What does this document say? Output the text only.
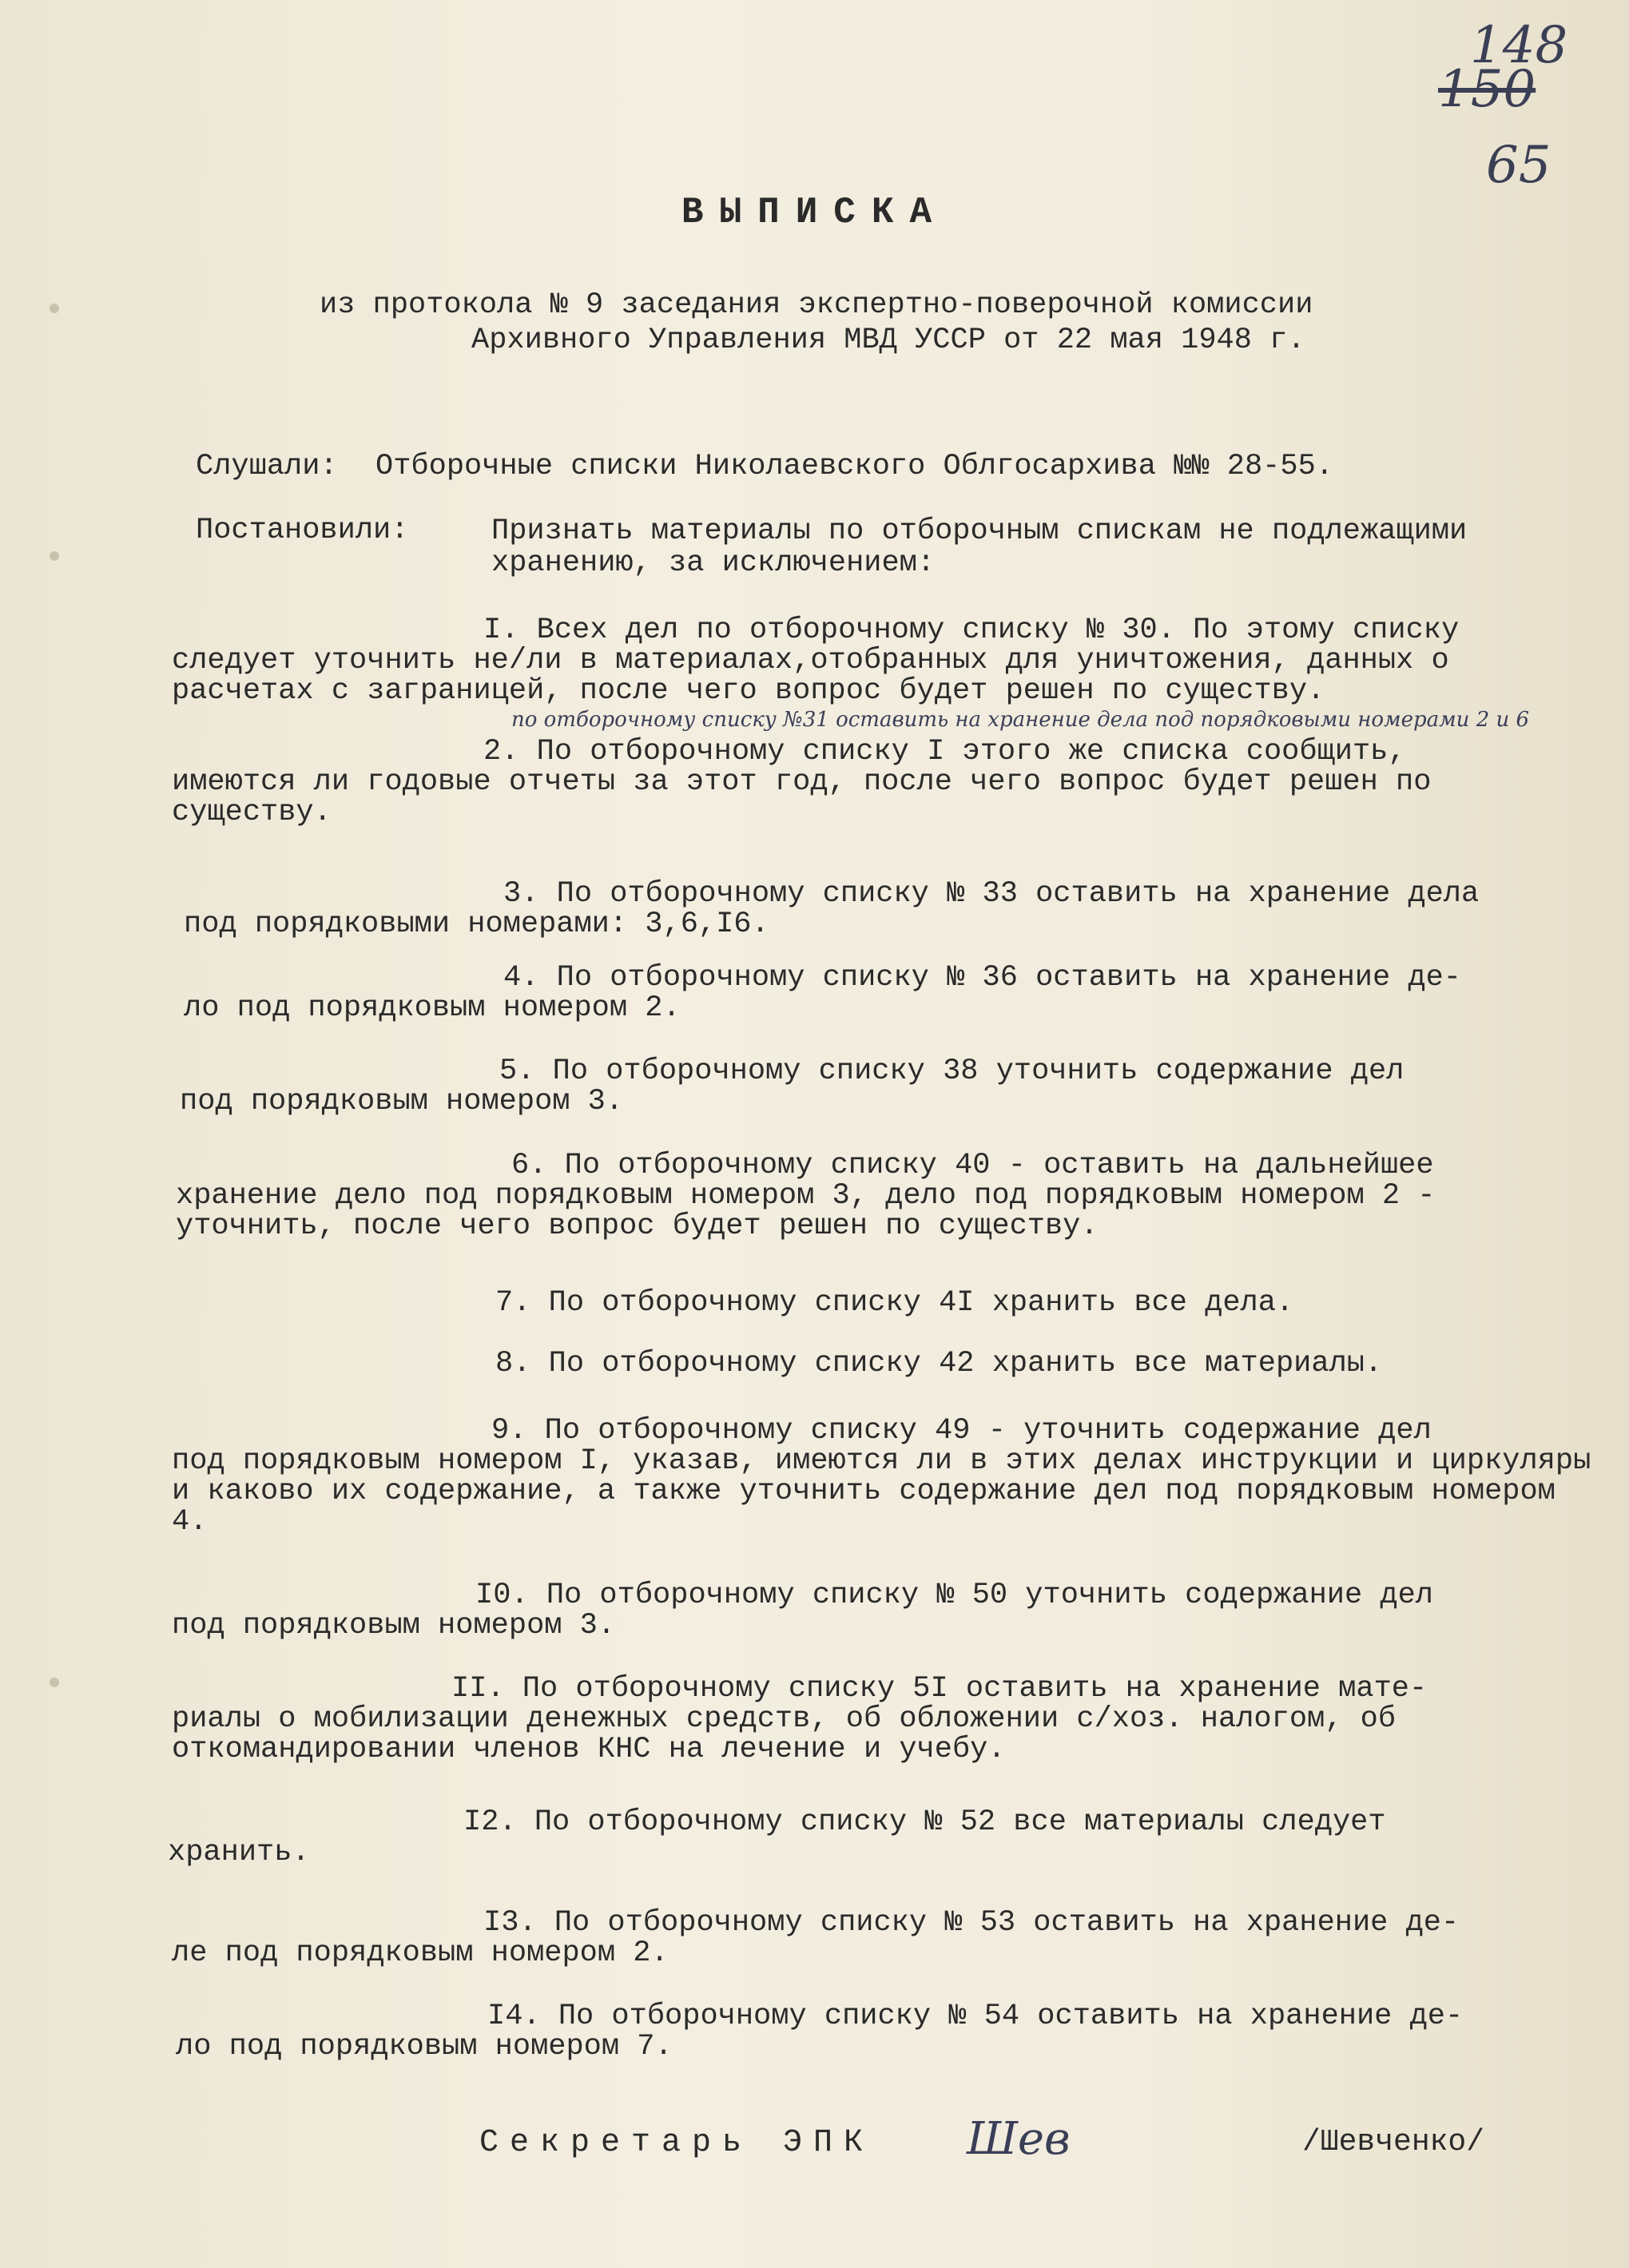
148
150
65
ВЫПИСКА
из протокола № 9 заседания экспертно-поверочной комиссии
Архивного Управления МВД УССР от 22 мая 1948 г.
Слушали: Отборочные списки Николаевского Облгосархива №№ 28-55.
Постановили:	Признать материалы по отборочным спискам не подлежащими хранению, за исключением:
I. Всех дел по отборочному списку № 30. По этому списку
следует уточнить не/ли в материалах,отобранных для уничтожения, данных о расчетах с заграницей, после чего вопрос будет решен по существу.
по отборочному списку №31 оставить на хранение дела под порядковыми номерами 2 и 6
2. По отборочному списку I этого же списка сообщить,
имеются ли годовые отчеты за этот год, после чего вопрос будет решен по существу.
3. По отборочному списку № 33 оставить на хранение дела
под порядковыми номерами: 3,6,I6.
4. По отборочному списку № 36 оставить на хранение де-
ло под порядковым номером 2.
5. По отборочному списку 38 уточнить содержание дел
под порядковым номером 3.
6. По отборочному списку 40 - оставить на дальнейшее
хранение дело под порядковым номером 3, дело под порядковым номером 2 - уточнить, после чего вопрос будет решен по существу.
7. По отборочному списку 4I хранить все дела.
8. По отборочному списку 42 хранить все материалы.
9. По отборочному списку 49 - уточнить содержание дел
под порядковым номером I, указав, имеются ли в этих делах инструкции и циркуляры и каково их содержание, а также уточнить содержание дел под порядковым номером 4.
I0. По отборочному списку № 50 уточнить содержание дел
под порядковым номером 3.
II. По отборочному списку 5I оставить на хранение мате-
риалы о мобилизации денежных средств, об обложении с/хоз. налогом, об откомандировании членов КНС на лечение и учебу.
I2. По отборочному списку № 52 все материалы следует
хранить.
I3. По отборочному списку № 53 оставить на хранение де-
ле под порядковым номером 2.
I4. По отборочному списку № 54 оставить на хранение де-
ло под порядковым номером 7.
Секретарь ЭПК Шев	/Шевченко/
